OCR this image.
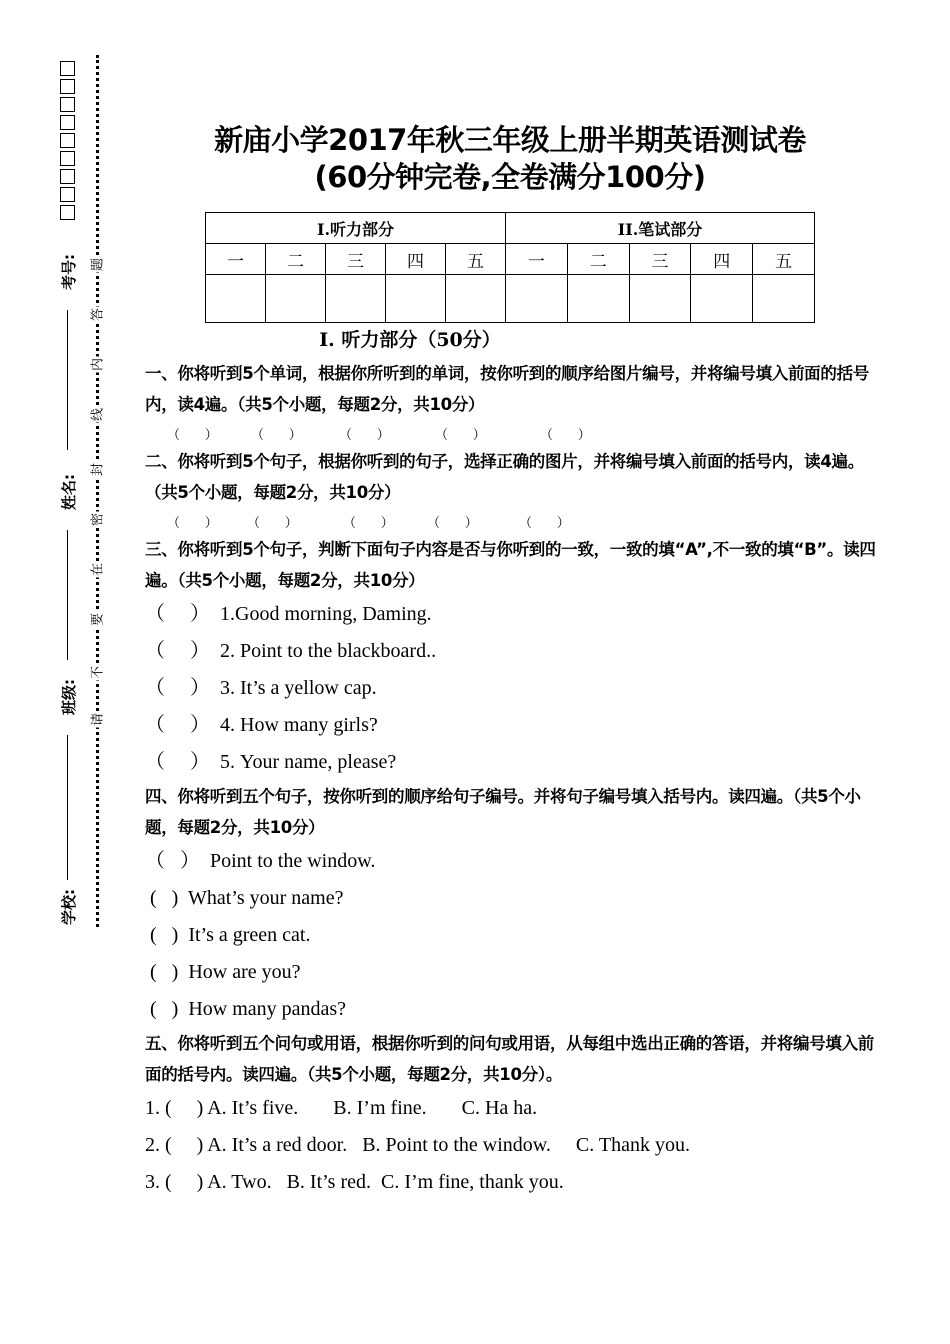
考号:
姓名:
班级:
学校:
请
不
要
在
密
封
线
内
答
题
新庙小学2017年秋三年级上册半期英语测试卷
(60分钟完卷,全卷满分100分)
I.听力部分					II.笔试部分				
一	二	三	四	五	一	二	三	四	五

I. 听力部分（50分）
一、你将听到5个单词，根据你所听到的单词，按你听到的顺序给图片编号，并将编号填入前面的括号内，读4遍。（共5个小题，每题2分，共10分）
（      ）	（      ）	（      ）	（      ）	（      ）
二、你将听到5个句子，根据你听到的句子，选择正确的图片，并将编号填入前面的括号内，读4遍。（共5个小题，每题2分，共10分）
（      ）	（      ）	（      ）	（      ）	（      ）
三、你将听到5个句子，判断下面句子内容是否与你听到的一致，一致的填“A”,不一致的填“B”。读四遍。（共5个小题，每题2分，共10分）
（     ）  1.Good morning, Daming.
（     ）  2. Point to the blackboard..
（     ）  3. It’s a yellow cap.
（     ）  4. How many girls?
（     ）  5. Your name, please?
四、你将听到五个句子，按你听到的顺序给句子编号。并将句子编号填入括号内。读四遍。（共5个小题，每题2分，共10分）
（   ）  Point to the window.
(   )  What’s your name?
(   )  It’s a green cat.
(   )  How are you?
(   )  How many pandas?
五、你将听到五个问句或用语，根据你听到的问句或用语，从每组中选出正确的答语，并将编号填入前面的括号内。读四遍。（共5个小题，每题2分，共10分）。
1. (     ) A. It’s five.       B. I’m fine.       C. Ha ha.
2. (     ) A. It’s a red door.   B. Point to the window.     C. Thank you.
3. (     ) A. Two.   B. It’s red.  C. I’m fine, thank you.
